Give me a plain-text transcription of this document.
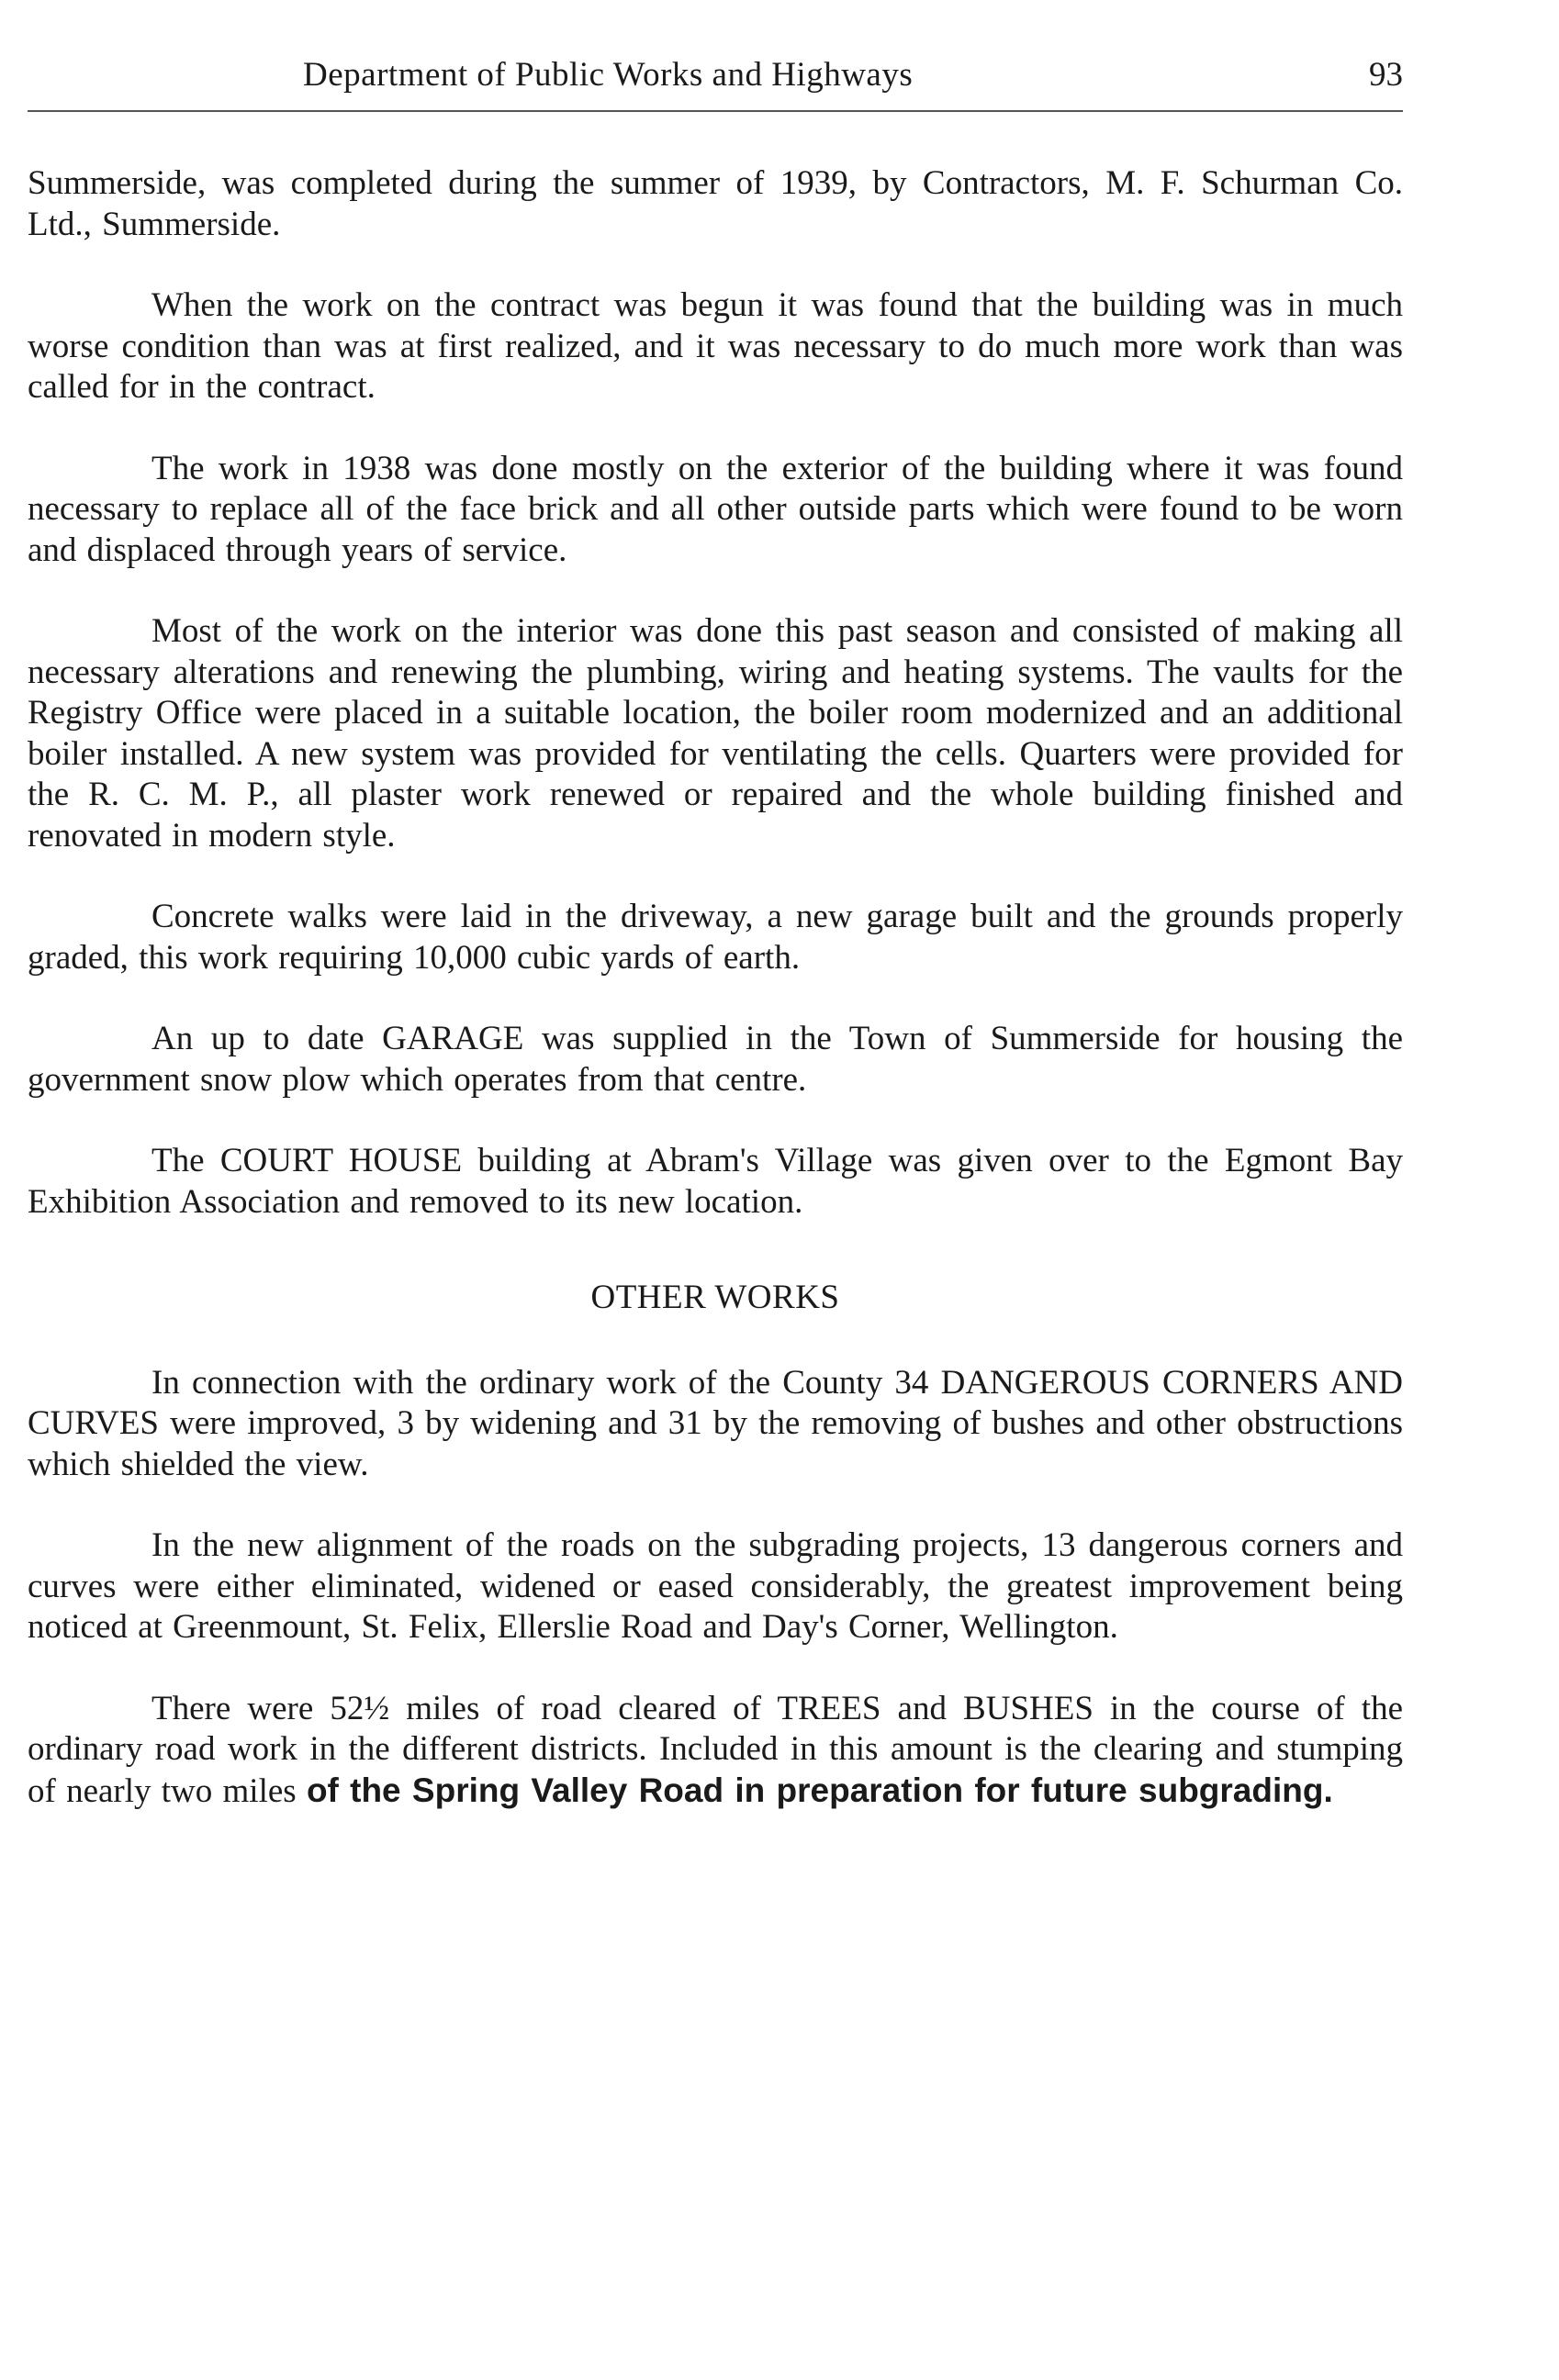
Department of Public Works and Highways	93

Summerside, was completed during the summer of 1939, by Contractors, M. F. Schurman Co. Ltd., Summerside.

When the work on the contract was begun it was found that the building was in much worse condition than was at first realized, and it was necessary to do much more work than was called for in the contract.

The work in 1938 was done mostly on the exterior of the building where it was found necessary to replace all of the face brick and all other outside parts which were found to be worn and displaced through years of service.

Most of the work on the interior was done this past season and consisted of making all necessary alterations and renewing the plumbing, wiring and heating systems. The vaults for the Registry Office were placed in a suitable location, the boiler room modernized and an additional boiler installed. A new system was provided for ventilating the cells. Quarters were provided for the R. C. M. P., all plaster work renewed or repaired and the whole building finished and renovated in modern style.

Concrete walks were laid in the driveway, a new garage built and the grounds properly graded, this work requiring 10,000 cubic yards of earth.

An up to date GARAGE was supplied in the Town of Summerside for housing the government snow plow which operates from that centre.

The COURT HOUSE building at Abram's Village was given over to the Egmont Bay Exhibition Association and removed to its new location.

OTHER WORKS

In connection with the ordinary work of the County 34 DANGEROUS CORNERS AND CURVES were improved, 3 by widening and 31 by the removing of bushes and other obstructions which shielded the view.

In the new alignment of the roads on the subgrading projects, 13 dangerous corners and curves were either eliminated, widened or eased considerably, the greatest improvement being noticed at Greenmount, St. Felix, Ellerslie Road and Day's Corner, Wellington.

There were 52½ miles of road cleared of TREES and BUSHES in the course of the ordinary road work in the different districts. Included in this amount is the clearing and stumping of nearly two miles of the Spring Valley Road in preparation for future subgrading.
